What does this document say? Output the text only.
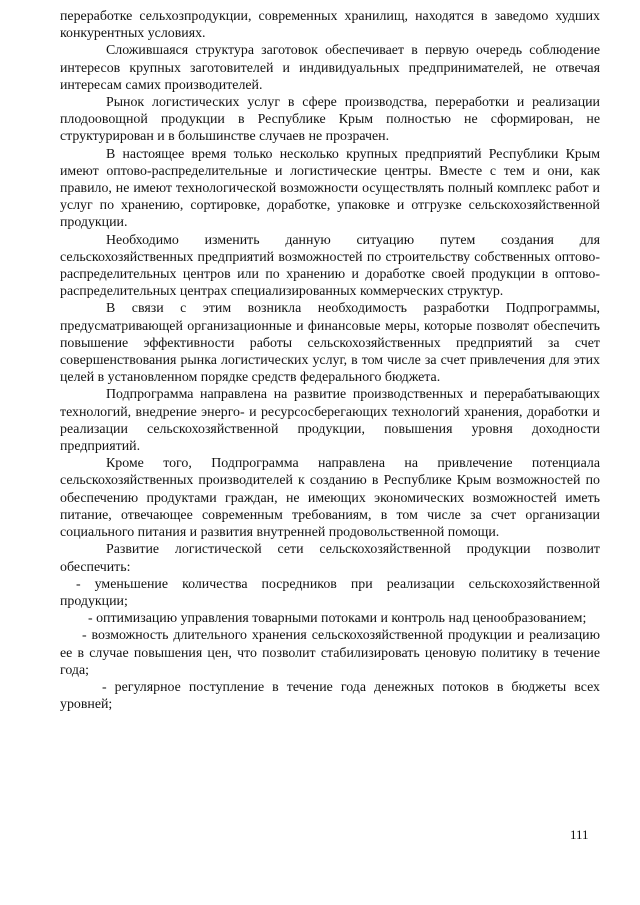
переработке сельхозпродукции, современных хранилищ, находятся в заведомо худших конкурентных условиях.

Сложившаяся структура заготовок обеспечивает в первую очередь соблюдение интересов крупных заготовителей и индивидуальных предпринимателей, не отвечая интересам самих производителей.

Рынок логистических услуг в сфере производства, переработки и реализации плодоовощной продукции в Республике Крым полностью не сформирован, не структурирован и в большинстве случаев не прозрачен.

В настоящее время только несколько крупных предприятий Республики Крым имеют оптово-распределительные и логистические центры. Вместе с тем и они, как правило, не имеют технологической возможности осуществлять полный комплекс работ и услуг по хранению, сортировке, доработке, упаковке и отгрузке сельскохозяйственной продукции.

Необходимо изменить данную ситуацию путем создания для сельскохозяйственных предприятий возможностей по строительству собственных оптово-распределительных центров или по хранению и доработке своей продукции в оптово-распределительных центрах специализированных коммерческих структур.

В связи с этим возникла необходимость разработки Подпрограммы, предусматривающей организационные и финансовые меры, которые позволят обеспечить повышение эффективности работы сельскохозяйственных предприятий за счет совершенствования рынка логистических услуг, в том числе за счет привлечения для этих целей в установленном порядке средств федерального бюджета.

Подпрограмма направлена на развитие производственных и перерабатывающих технологий, внедрение энерго- и ресурсосберегающих технологий хранения, доработки и реализации сельскохозяйственной продукции, повышения уровня доходности предприятий.

Кроме того, Подпрограмма направлена на привлечение потенциала сельскохозяйственных производителей к созданию в Республике Крым возможностей по обеспечению продуктами граждан, не имеющих экономических возможностей иметь питание, отвечающее современным требованиям, в том числе за счет организации социального питания и развития внутренней продовольственной помощи.

Развитие логистической сети сельскохозяйственной продукции позволит обеспечить:

- уменьшение количества посредников при реализации сельскохозяйственной продукции;

- оптимизацию управления товарными потоками и контроль над ценообразованием;

- возможность длительного хранения сельскохозяйственной продукции и реализацию ее в случае повышения цен, что позволит стабилизировать ценовую политику в течение года;

- регулярное поступление в течение года денежных потоков в бюджеты всех уровней;

111
